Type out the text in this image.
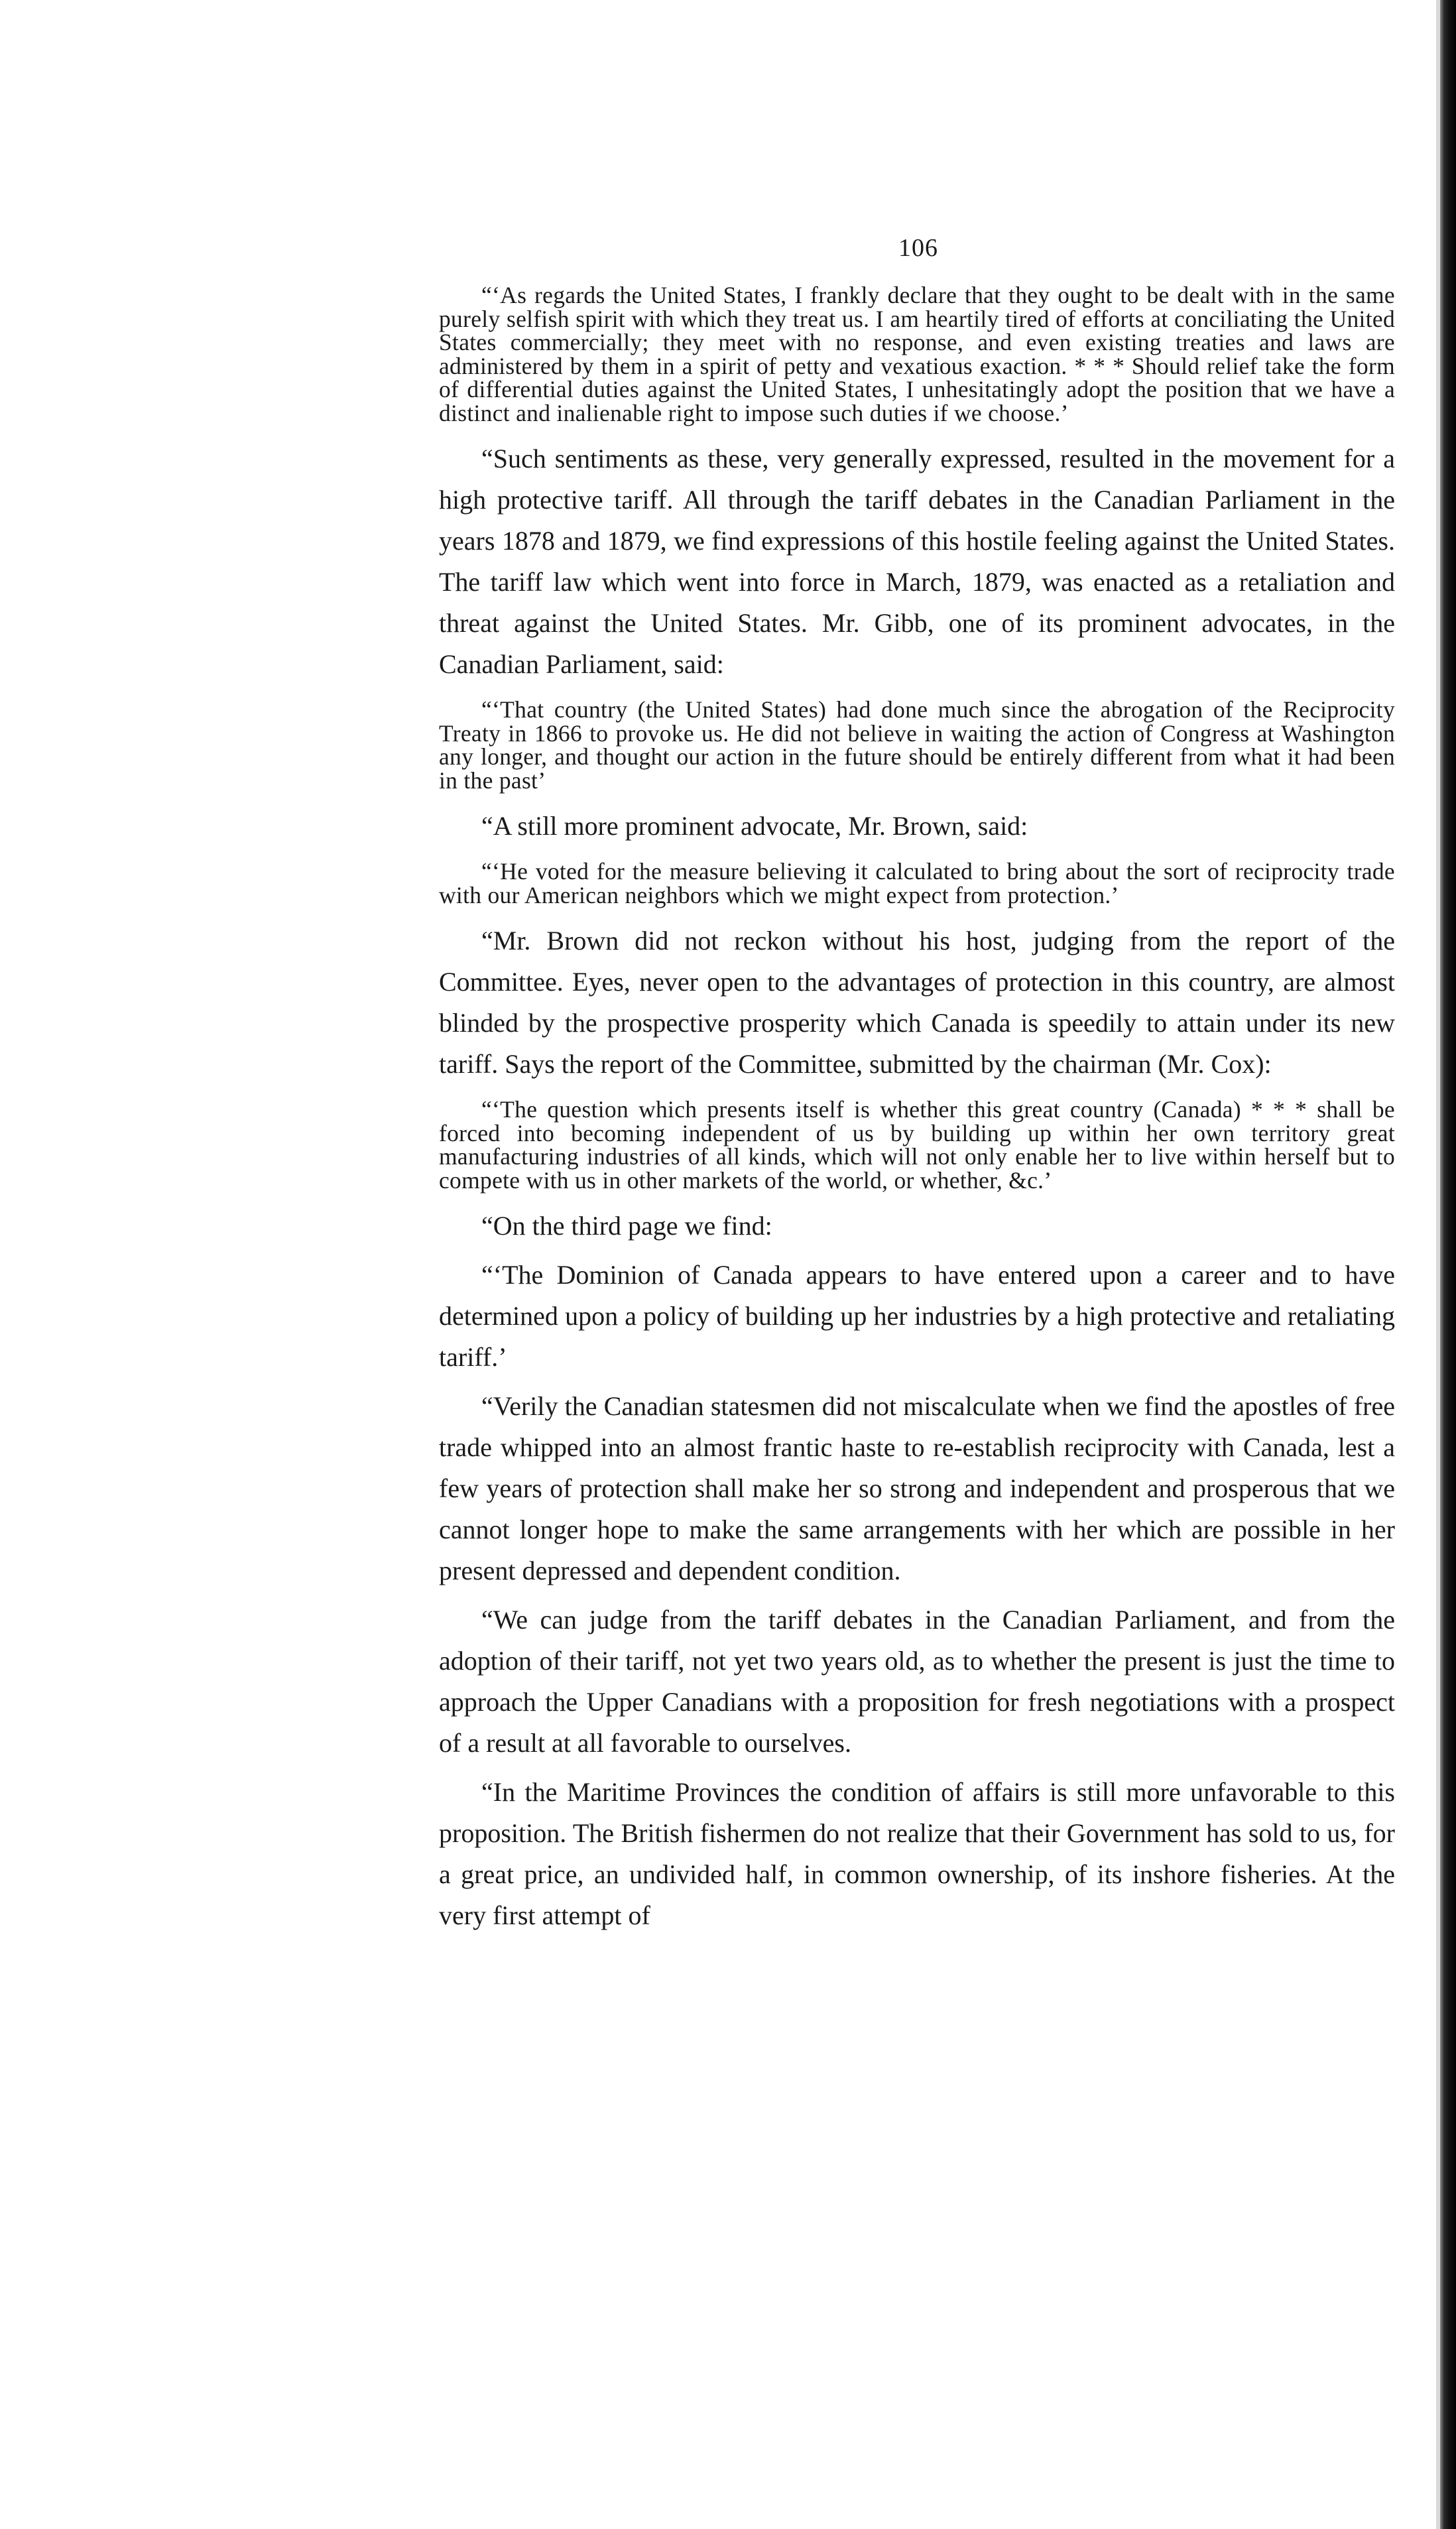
106

“‘As regards the United States, I frankly declare that they ought to be dealt with in the same purely selfish spirit with which they treat us. I am heartily tired of efforts at conciliating the United States commercially; they meet with no response, and even existing treaties and laws are administered by them in a spirit of petty and vexatious exaction. * * * Should relief take the form of differential duties against the United States, I unhesitatingly adopt the position that we have a distinct and inalienable right to impose such duties if we choose.’

“Such sentiments as these, very generally expressed, resulted in the movement for a high protective tariff. All through the tariff debates in the Canadian Parliament in the years 1878 and 1879, we find expressions of this hostile feeling against the United States. The tariff law which went into force in March, 1879, was enacted as a retaliation and threat against the United States. Mr. Gibb, one of its prominent advocates, in the Canadian Parliament, said:

“‘That country (the United States) had done much since the abrogation of the Reciprocity Treaty in 1866 to provoke us. He did not believe in waiting the action of Congress at Washington any longer, and thought our action in the future should be entirely different from what it had been in the past’

“A still more prominent advocate, Mr. Brown, said:

“‘He voted for the measure believing it calculated to bring about the sort of reciprocity trade with our American neighbors which we might expect from protection.’

“Mr. Brown did not reckon without his host, judging from the report of the Committee. Eyes, never open to the advantages of protection in this country, are almost blinded by the prospective prosperity which Canada is speedily to attain under its new tariff. Says the report of the Committee, submitted by the chairman (Mr. Cox):

“‘The question which presents itself is whether this great country (Canada) * * * shall be forced into becoming independent of us by building up within her own territory great manufacturing industries of all kinds, which will not only enable her to live within herself but to compete with us in other markets of the world, or whether, &c.’

“On the third page we find:

“‘The Dominion of Canada appears to have entered upon a career and to have determined upon a policy of building up her industries by a high protective and retaliating tariff.’

“Verily the Canadian statesmen did not miscalculate when we find the apostles of free trade whipped into an almost frantic haste to re-establish reciprocity with Canada, lest a few years of protection shall make her so strong and independent and prosperous that we cannot longer hope to make the same arrangements with her which are possible in her present depressed and dependent condition.

“We can judge from the tariff debates in the Canadian Parliament, and from the adoption of their tariff, not yet two years old, as to whether the present is just the time to approach the Upper Canadians with a proposition for fresh negotiations with a prospect of a result at all favorable to ourselves.

“In the Maritime Provinces the condition of affairs is still more unfavorable to this proposition. The British fishermen do not realize that their Government has sold to us, for a great price, an undivided half, in common ownership, of its inshore fisheries. At the very first attempt of
